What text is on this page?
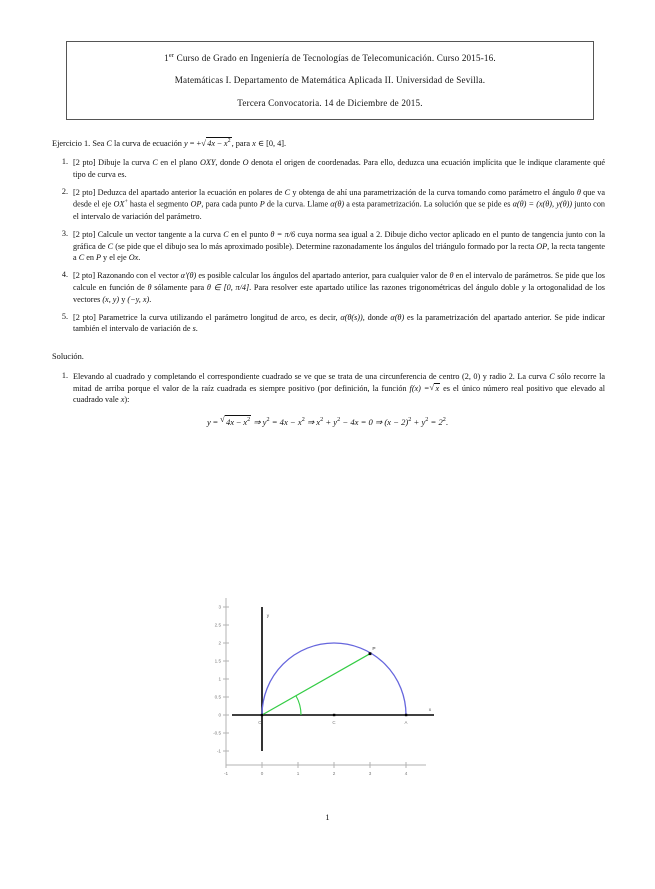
1er Curso de Grado en Ingeniería de Tecnologías de Telecomunicación. Curso 2015-16.
Matemáticas I. Departamento de Matemática Aplicada II. Universidad de Sevilla.
Tercera Convocatoria. 14 de Diciembre de 2015.
Ejercicio 1. Sea C la curva de ecuación y = + √ $4x - x^2$, para x ∈ [0, 4].
1. [2 pto] Dibuje la curva C en el plano OXY, donde O denota el origen de coordenadas. Para ello, deduzca una ecuación implícita que le indique claramente qué tipo de curva es.
2. [2 pto] Deduzca del apartado anterior la ecuación en polares de C y obtenga de ahí una parametrización de la curva tomando como parámetro el ángulo θ que va desde el eje OX+ hasta el segmento OP, para cada punto P de la curva. Llame α(θ) a esta parametrización. La solución que se pide es α(θ) = (x(θ), y(θ)) junto con el intervalo de variación del parámetro.
3. [2 pto] Calcule un vector tangente a la curva C en el punto θ = π/6 cuya norma sea igual a 2. Dibuje dicho vector aplicado en el punto de tangencia junto con la gráfica de C (se pide que el dibujo sea lo más aproximado posible). Determine razonadamente los ángulos del triángulo formado por la recta OP, la recta tangente a C en P y el eje Ox.
4. [2 pto] Razonando con el vector α′(θ) es posible calcular los ángulos del apartado anterior, para cualquier valor de θ en el intervalo de parámetros. Se pide que los calcule en función de θ sólamente para θ ∈ [0, π/4]. Para resolver este apartado utilice las razones trigonométricas del ángulo doble y la ortogonalidad de los vectores (x, y) y (−y, x).
5. [2 pto] Parametrice la curva utilizando el parámetro longitud de arco, es decir, α(θ(s)), donde α(θ) es la parametrización del apartado anterior. Se pide indicar también el intervalo de variación de s.
Solución.
1. Elevando al cuadrado y completando el correspondiente cuadrado se ve que se trata de una circunferencia de centro (2, 0) y radio 2. La curva C sólo recorre la mitad de arriba porque el valor de la raíz cuadrada es siempre positivo (por definición, la función f(x) = √ x es el único número real positivo que elevado al cuadrado vale x):
y = √ $4x - x^2$ ⇒ $y^2 = 4x - x^2$ ⇒ $x^2 + y^2 - 4x = 0$ ⇒ $(x - 2)^2 + y^2 = 2^2$.
3
2.5
2
1.5
1
0.5
0
-0.5
-1
-1	0	1	2	3	4
x
y
P
O	C	A
1
